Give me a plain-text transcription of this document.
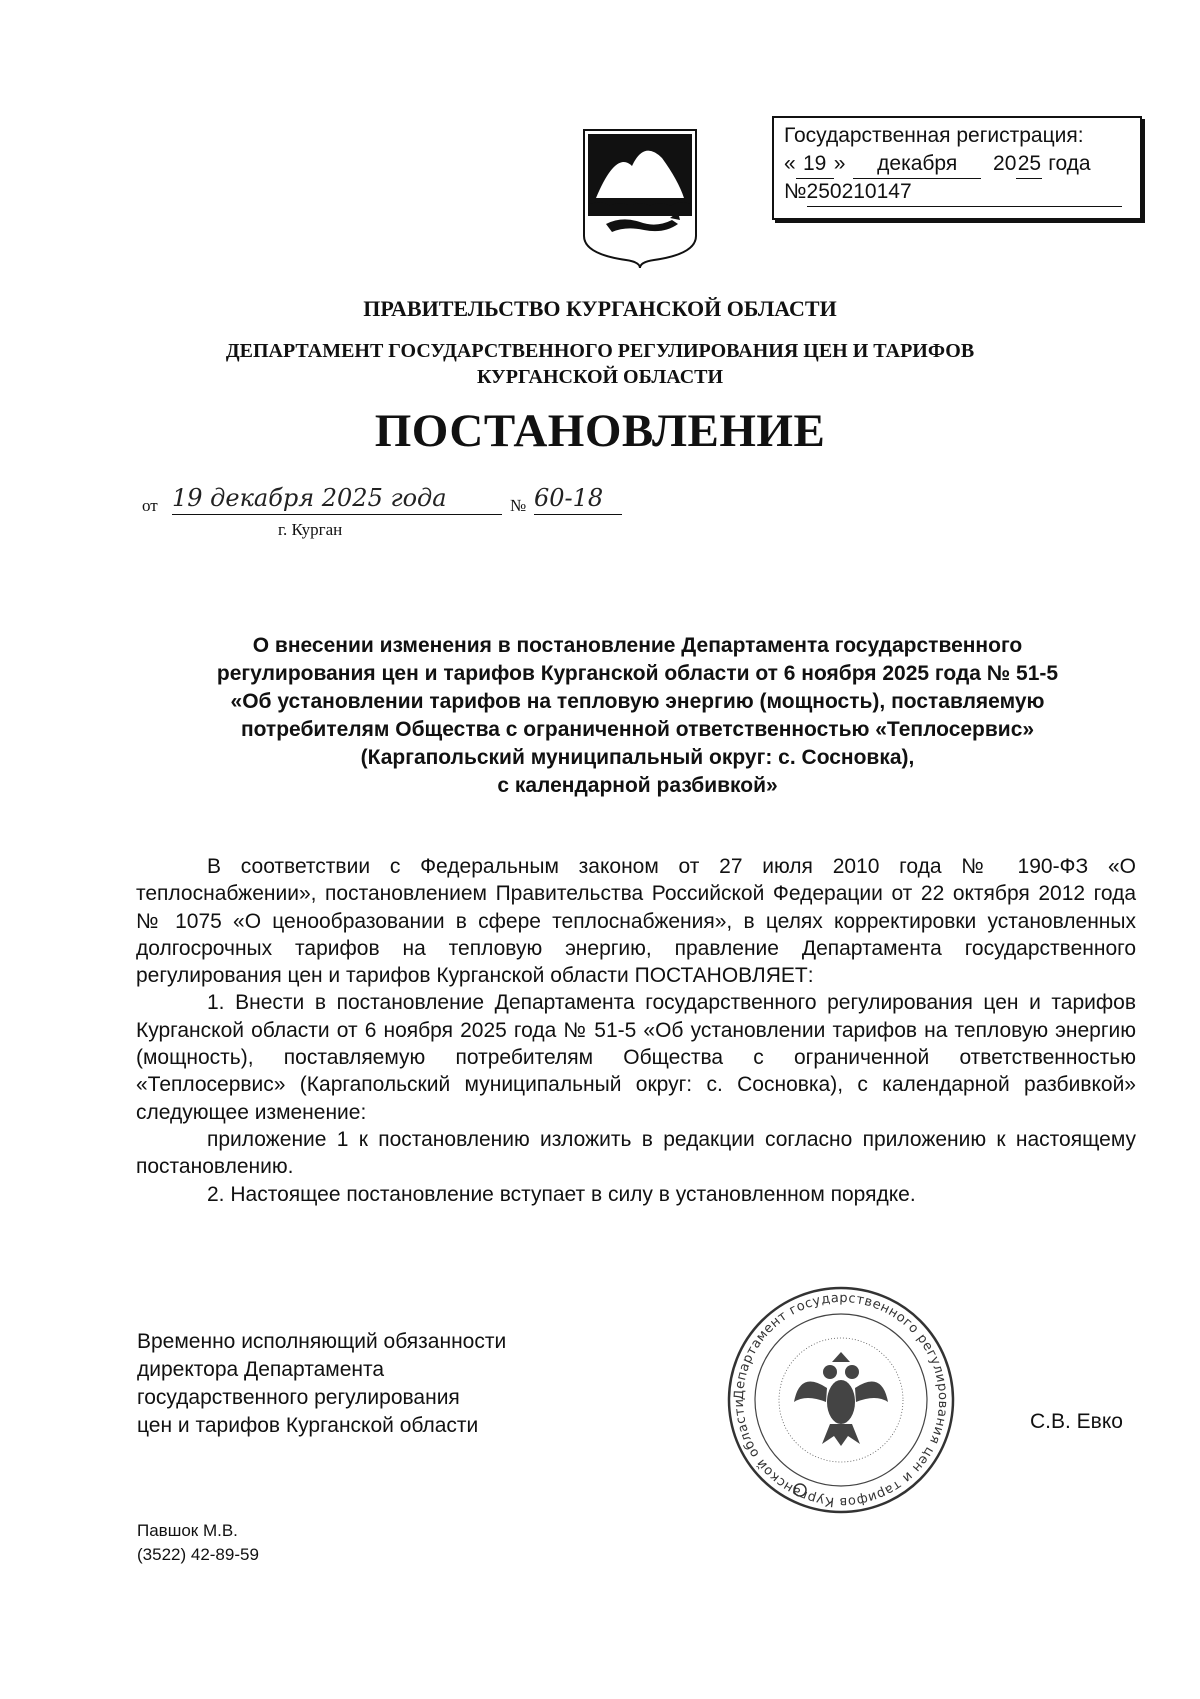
Государственная регистрация:
« 19 » декабря 2025 года
№250210147
ПРАВИТЕЛЬСТВО КУРГАНСКОЙ ОБЛАСТИ
ДЕПАРТАМЕНТ ГОСУДАРСТВЕННОГО РЕГУЛИРОВАНИЯ ЦЕН И ТАРИФОВ
КУРГАНСКОЙ ОБЛАСТИ
ПОСТАНОВЛЕНИЕ
от 19 декабря 2025 года	№ 60-18
г. Курган
О внесении изменения в постановление Департамента государственного
регулирования цен и тарифов Курганской области от 6 ноября 2025 года № 51-5
«Об установлении тарифов на тепловую энергию (мощность), поставляемую
потребителям Общества с ограниченной ответственностью «Теплосервис»
(Каргапольский муниципальный округ: с. Сосновка),
с календарной разбивкой»

В соответствии с Федеральным законом от 27 июля 2010 года № 190-ФЗ «О теплоснабжении», постановлением Правительства Российской Федерации от 22 октября 2012 года № 1075 «О ценообразовании в сфере теплоснабжения», в целях корректировки установленных долгосрочных тарифов на тепловую энергию, правление Департамента государственного регулирования цен и тарифов Курганской области ПОСТАНОВЛЯЕТ:

1. Внести в постановление Департамента государственного регулирования цен и тарифов Курганской области от 6 ноября 2025 года № 51-5 «Об установлении тарифов на тепловую энергию (мощность), поставляемую потребителям Общества с ограниченной ответственностью «Теплосервис» (Каргапольский муниципальный округ: с. Сосновка), с календарной разбивкой» следующее изменение:

приложение 1 к постановлению изложить в редакции согласно приложению к настоящему постановлению.

2. Настоящее постановление вступает в силу в установленном порядке.

Временно исполняющий обязанности
директора Департамента
государственного регулирования
цен и тарифов Курганской области
Департамент государственного регулирования цен и тарифов Курганской области
С.В. Евко
Павшок М.В.
(3522) 42-89-59
